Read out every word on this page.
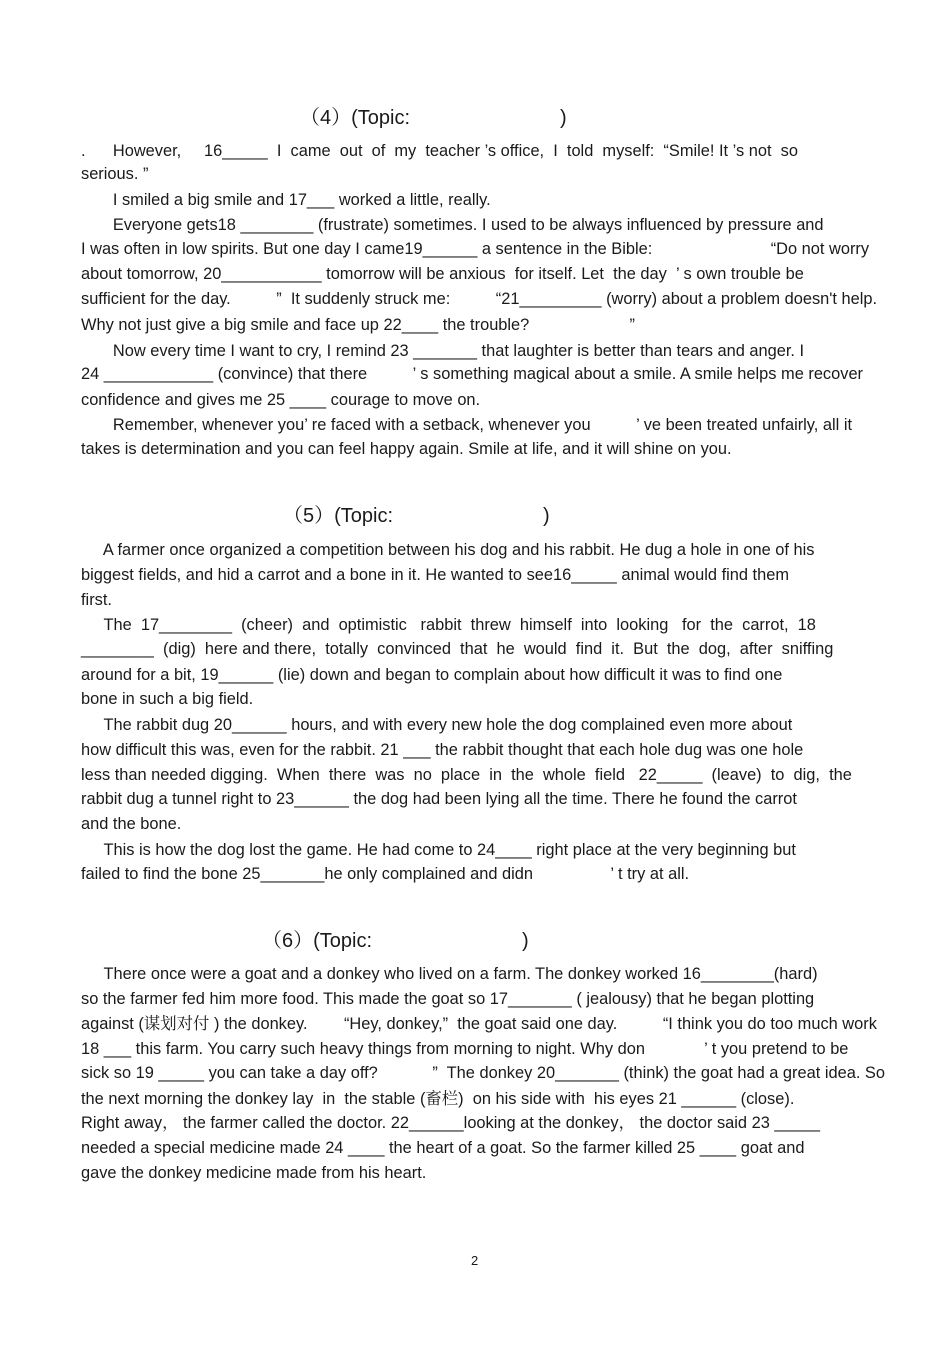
（4）(Topic:                           )
.      However,     16_____  I  came  out  of  my  teacher ’s office,  I  told  myself:  “Smile! It ’s not  so
serious. ”
I smiled a big smile and 17___ worked a little, really.
Everyone gets18 ________ (frustrate) sometimes. I used to be always influenced by pressure and
I was often in low spirits. But one day I came19______ a sentence in the Bible:                          “Do not worry
about tomorrow, 20___________ tomorrow will be anxious  for itself. Let  the day  ’ s own trouble be
sufficient for the day.          ”  It suddenly struck me:          “21_________ (worry) about a problem doesn't help.
Why not just give a big smile and face up 22____ the trouble?                      ”
Now every time I want to cry, I remind 23 _______ that laughter is better than tears and anger. I
24 ____________ (convince) that there          ’ s something magical about a smile. A smile helps me recover
confidence and gives me 25 ____ courage to move on.
Remember, whenever you’ re faced with a setback, whenever you          ’ ve been treated unfairly, all it
takes is determination and you can feel happy again. Smile at life, and it will shine on you.
（5）(Topic:                           )
A farmer once organized a competition between his dog and his rabbit. He dug a hole in one of his
biggest fields, and hid a carrot and a bone in it. He wanted to see16_____ animal would find them
first.
The  17________  (cheer)  and  optimistic   rabbit  threw  himself  into  looking   for  the  carrot,  18
________  (dig)  here and there,  totally  convinced  that  he  would  find  it.  But  the  dog,  after  sniffing
around for a bit, 19______ (lie) down and began to complain about how difficult it was to find one
bone in such a big field.
The rabbit dug 20______ hours, and with every new hole the dog complained even more about
how difficult this was, even for the rabbit. 21 ___ the rabbit thought that each hole dug was one hole
less than needed digging.  When  there  was  no  place  in  the  whole  field   22_____  (leave)  to  dig,  the
rabbit dug a tunnel right to 23______ the dog had been lying all the time. There he found the carrot
and the bone.
This is how the dog lost the game. He had come to 24____ right place at the very beginning but
failed to find the bone 25_______he only complained and didn                 ’ t try at all.
（6）(Topic:                           )
There once were a goat and a donkey who lived on a farm. The donkey worked 16________(hard)
so the farmer fed him more food. This made the goat so 17_______ ( jealousy) that he began plotting
against (谋划对付 ) the donkey.        “Hey, donkey,”  the goat said one day.          “I think you do too much work
18 ___ this farm. You carry such heavy things from morning to night. Why don             ’ t you pretend to be
sick so 19 _____ you can take a day off?            ”  The donkey 20_______ (think) the goat had a great idea. So
the next morning the donkey lay  in  the stable (畜栏)  on his side with  his eyes 21 ______ (close).
Right away， the farmer called the doctor. 22______looking at the donkey， the doctor said 23 _____
needed a special medicine made 24 ____ the heart of a goat. So the farmer killed 25 ____ goat and
gave the donkey medicine made from his heart.
2
